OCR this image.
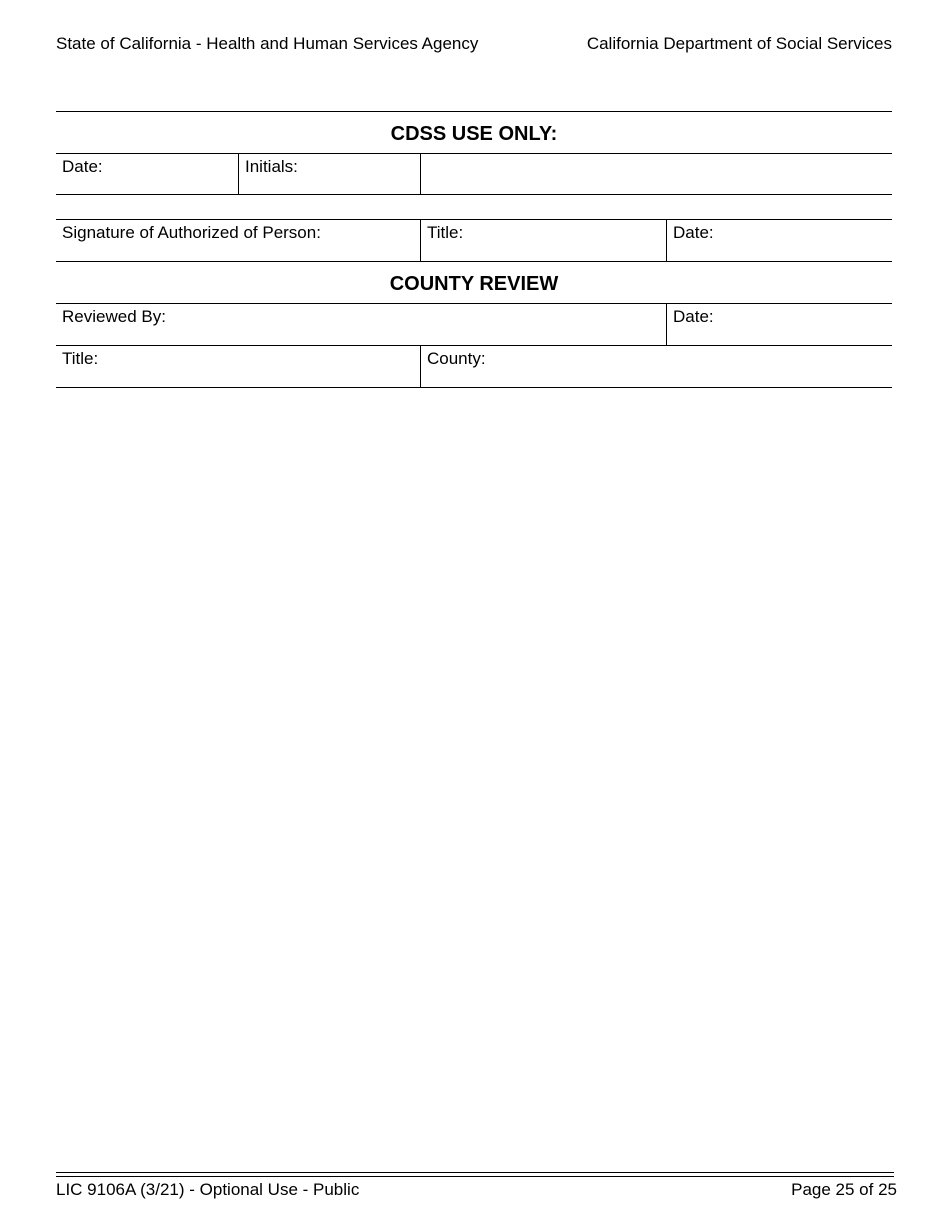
State of California - Health and Human Services Agency	California Department of Social Services
CDSS USE ONLY:
Date:	Initials:
Signature of Authorized of Person:	Title:	Date:
COUNTY REVIEW
Reviewed By:	Date:
Title:	County:
LIC 9106A (3/21) - Optional Use - Public	Page 25 of 25
